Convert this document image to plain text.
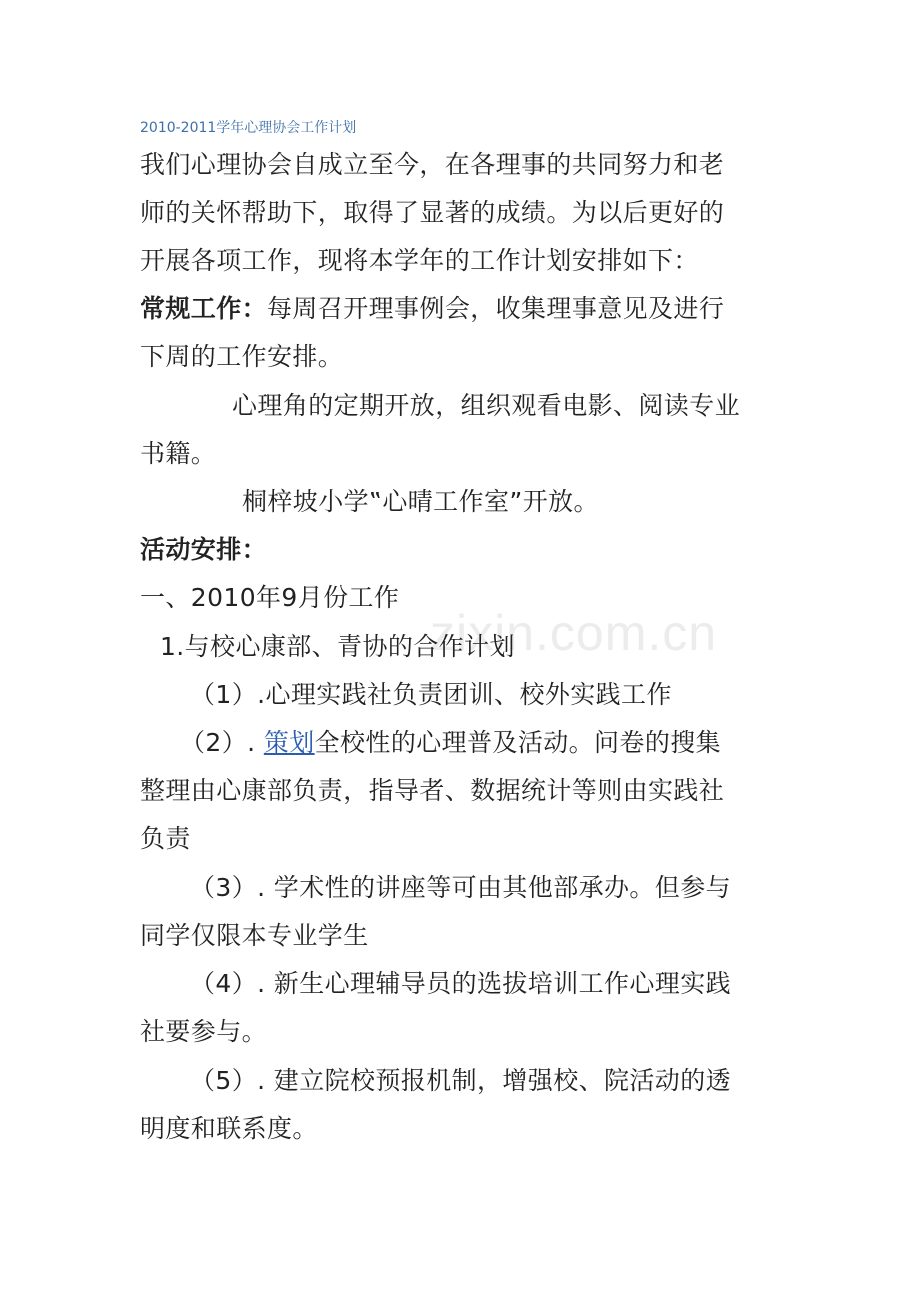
zixin.com.cn
2010-2011学年心理协会工作计划
我们心理协会自成立至今，在各理事的共同努力和老
师的关怀帮助下，取得了显著的成绩。为以后更好的
开展各项工作，现将本学年的工作计划安排如下：
常规工作：每周召开理事例会，收集理事意见及进行
下周的工作安排。
心理角的定期开放，组织观看电影、阅读专业
书籍。
桐梓坡小学‟心晴工作室”开放。
活动安排：
一、2010年9月份工作
1.与校心康部、青协的合作计划
（1）.心理实践社负责团训、校外实践工作
（2）. 策划全校性的心理普及活动。问卷的搜集
整理由心康部负责，指导者、数据统计等则由实践社
负责
（3）. 学术性的讲座等可由其他部承办。但参与
同学仅限本专业学生
（4）. 新生心理辅导员的选拔培训工作心理实践
社要参与。
（5）. 建立院校预报机制，增强校、院活动的透
明度和联系度。
